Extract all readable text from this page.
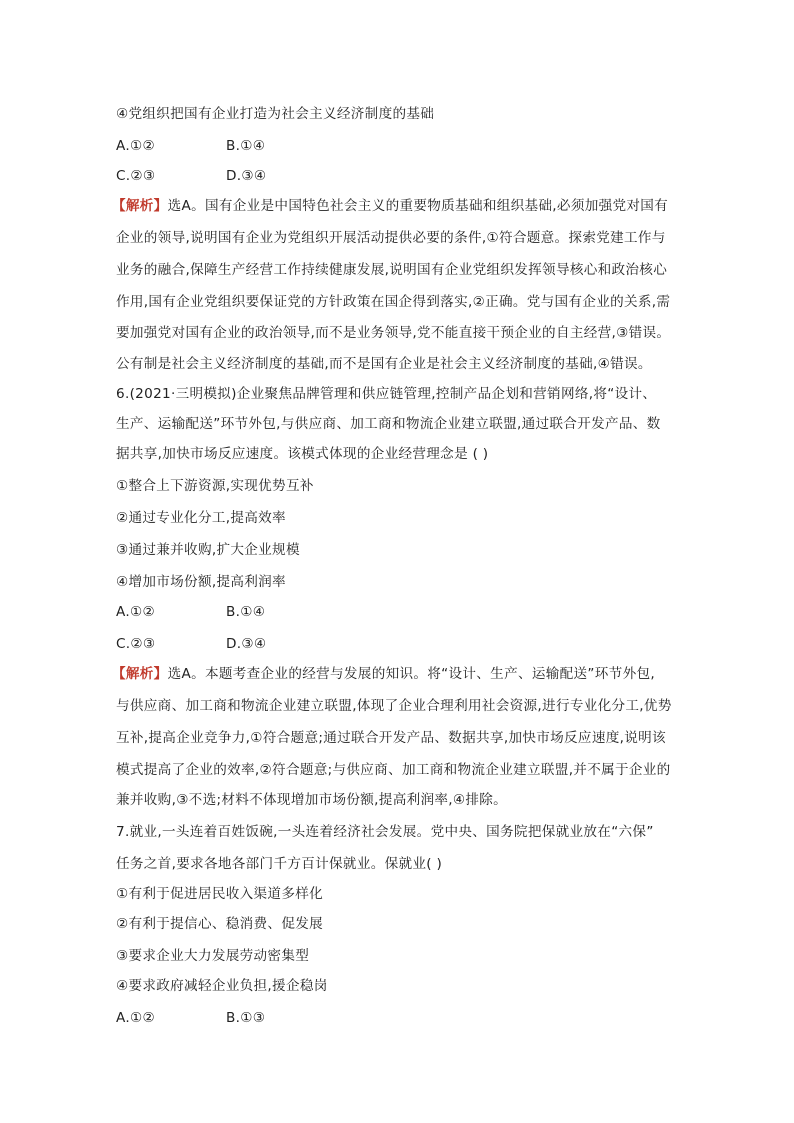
④党组织把国有企业打造为社会主义经济制度的基础
A.①②	B.①④
C.②③	D.③④
【解析】选A。国有企业是中国特色社会主义的重要物质基础和组织基础,必须加强党对国有
企业的领导,说明国有企业为党组织开展活动提供必要的条件,①符合题意。探索党建工作与
业务的融合,保障生产经营工作持续健康发展,说明国有企业党组织发挥领导核心和政治核心
作用,国有企业党组织要保证党的方针政策在国企得到落实,②正确。党与国有企业的关系,需
要加强党对国有企业的政治领导,而不是业务领导,党不能直接干预企业的自主经营,③错误。
公有制是社会主义经济制度的基础,而不是国有企业是社会主义经济制度的基础,④错误。
6.(2021·三明模拟)企业聚焦品牌管理和供应链管理,控制产品企划和营销网络,将“设计、
生产、运输配送”环节外包,与供应商、加工商和物流企业建立联盟,通过联合开发产品、数
据共享,加快市场反应速度。该模式体现的企业经营理念是 ( )
①整合上下游资源,实现优势互补
②通过专业化分工,提高效率
③通过兼并收购,扩大企业规模
④增加市场份额,提高利润率
A.①②	B.①④
C.②③	D.③④
【解析】选A。本题考查企业的经营与发展的知识。将“设计、生产、运输配送”环节外包,
与供应商、加工商和物流企业建立联盟,体现了企业合理利用社会资源,进行专业化分工,优势
互补,提高企业竞争力,①符合题意;通过联合开发产品、数据共享,加快市场反应速度,说明该
模式提高了企业的效率,②符合题意;与供应商、加工商和物流企业建立联盟,并不属于企业的
兼并收购,③不选;材料不体现增加市场份额,提高利润率,④排除。
7.就业,一头连着百姓饭碗,一头连着经济社会发展。党中央、国务院把保就业放在“六保”
任务之首,要求各地各部门千方百计保就业。保就业( )
①有利于促进居民收入渠道多样化
②有利于提信心、稳消费、促发展
③要求企业大力发展劳动密集型
④要求政府减轻企业负担,援企稳岗
A.①②	B.①③
